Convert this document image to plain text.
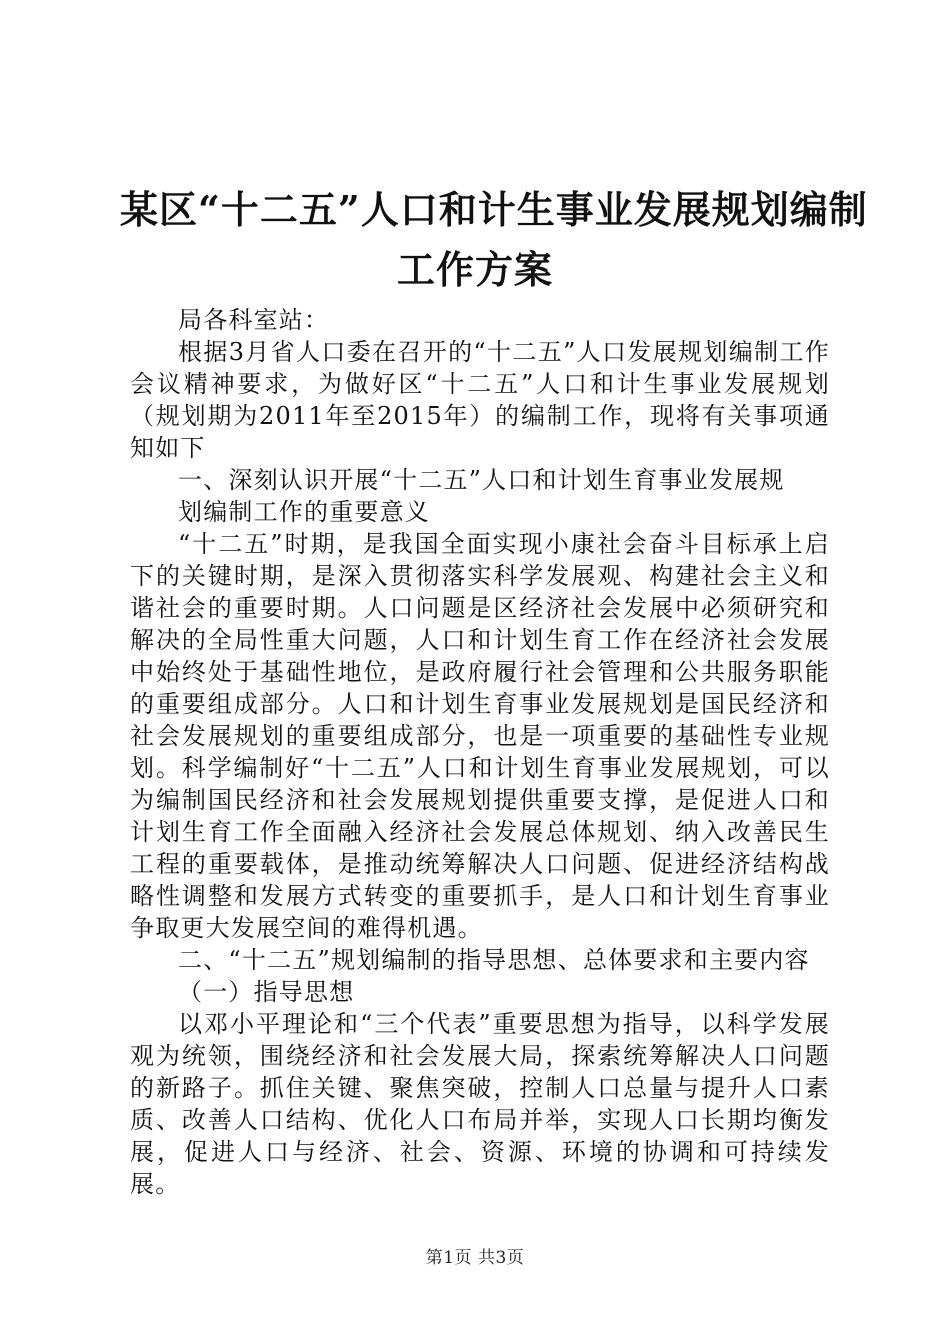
某区“十二五”人口和计生事业发展规划编制
工作方案

局各科室站：

根据3月省人口委在召开的“十二五”人口发展规划编制工作会议精神要求，为做好区“十二五”人口和计生事业发展规划（规划期为2011年至2015年）的编制工作，现将有关事项通知如下

一、深刻认识开展“十二五”人口和计划生育事业发展规

划编制工作的重要意义

“十二五”时期，是我国全面实现小康社会奋斗目标承上启下的关键时期，是深入贯彻落实科学发展观、构建社会主义和谐社会的重要时期。人口问题是区经济社会发展中必须研究和解决的全局性重大问题，人口和计划生育工作在经济社会发展中始终处于基础性地位，是政府履行社会管理和公共服务职能的重要组成部分。人口和计划生育事业发展规划是国民经济和社会发展规划的重要组成部分，也是一项重要的基础性专业规划。科学编制好“十二五”人口和计划生育事业发展规划，可以为编制国民经济和社会发展规划提供重要支撑，是促进人口和计划生育工作全面融入经济社会发展总体规划、纳入改善民生工程的重要载体，是推动统筹解决人口问题、促进经济结构战略性调整和发展方式转变的重要抓手，是人口和计划生育事业争取更大发展空间的难得机遇。

二、“十二五”规划编制的指导思想、总体要求和主要内容

（一）指导思想

以邓小平理论和“三个代表”重要思想为指导，以科学发展观为统领，围绕经济和社会发展大局，探索统筹解决人口问题的新路子。抓住关键、聚焦突破，控制人口总量与提升人口素质、改善人口结构、优化人口布局并举，实现人口长期均衡发展，促进人口与经济、社会、资源、环境的协调和可持续发展。

第1页 共3页
